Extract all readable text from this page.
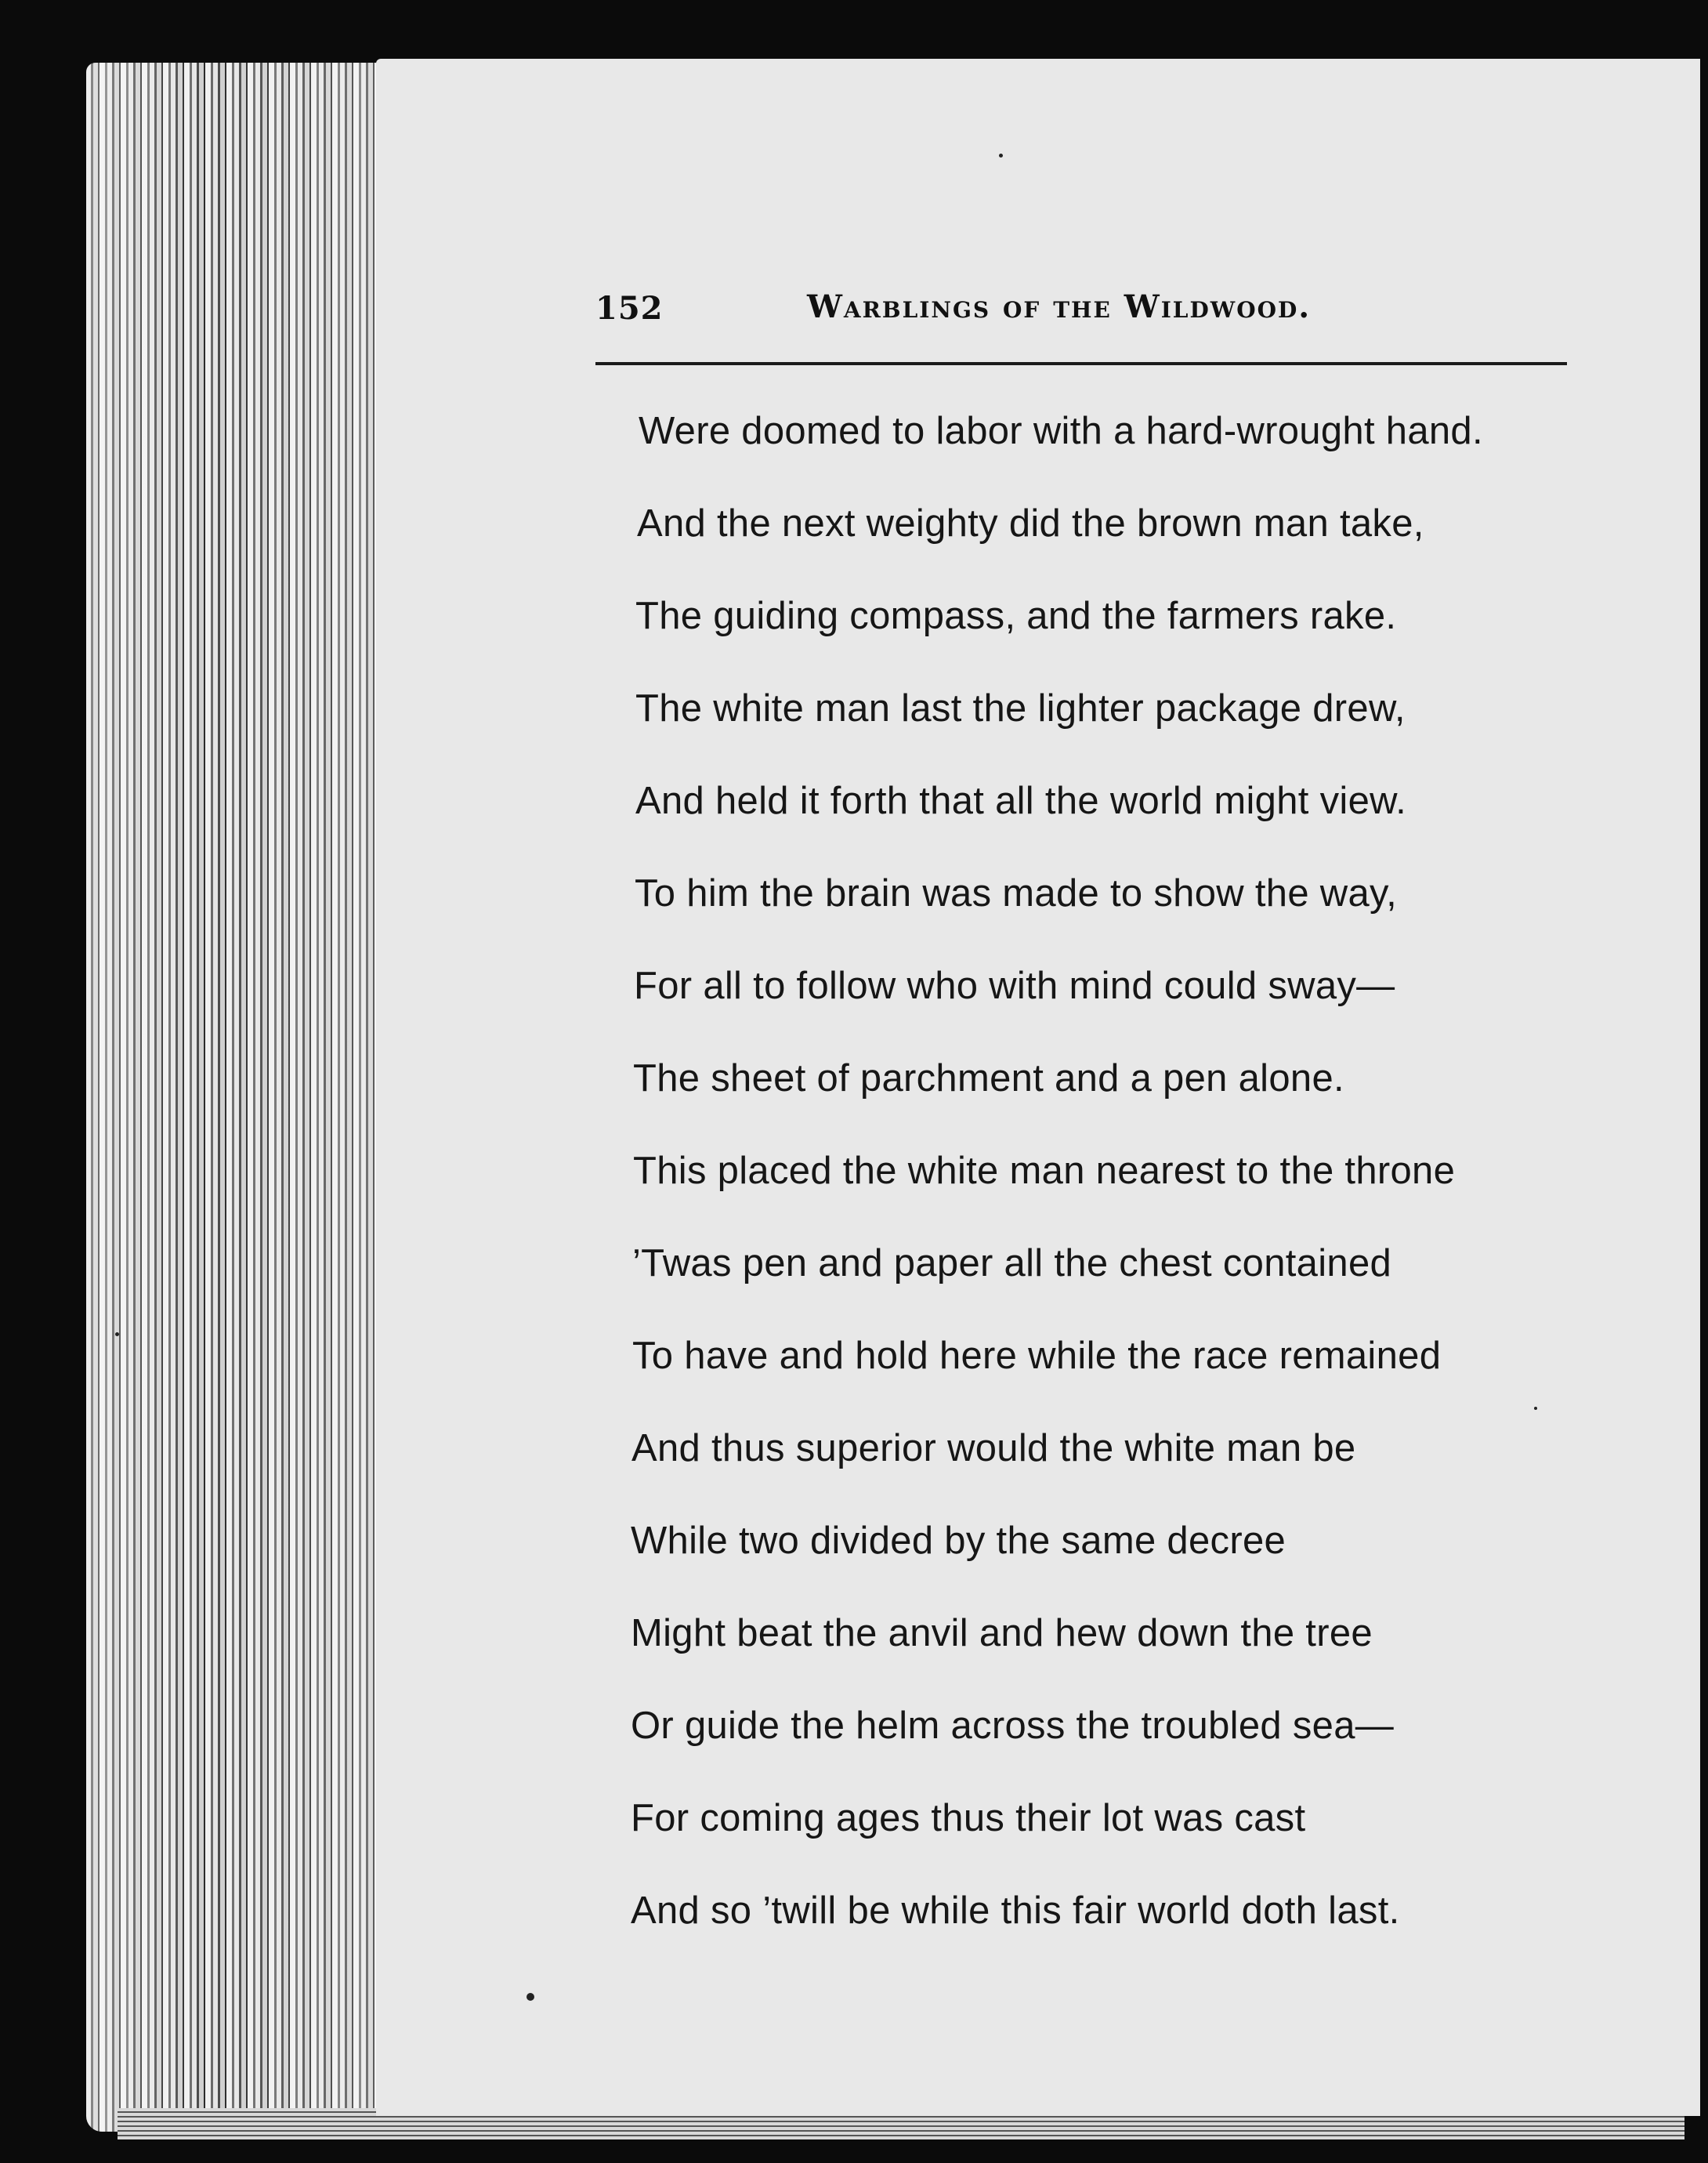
152	Warblings of the Wildwood.
Were doomed to labor with a hard-wrought hand.
And the next weighty did the brown man take,
The guiding compass, and the farmers rake.
The white man last the lighter package drew,
And held it forth that all the world might view.
To him the brain was made to show the way,
For all to follow who with mind could sway—
The sheet of parchment and a pen alone.
This placed the white man nearest to the throne
’Twas pen and paper all the chest contained
To have and hold here while the race remained
And thus superior would the white man be
While two divided by the same decree
Might beat the anvil and hew down the tree
Or guide the helm across the troubled sea—
For coming ages thus their lot was cast
And so ’twill be while this fair world doth last.
